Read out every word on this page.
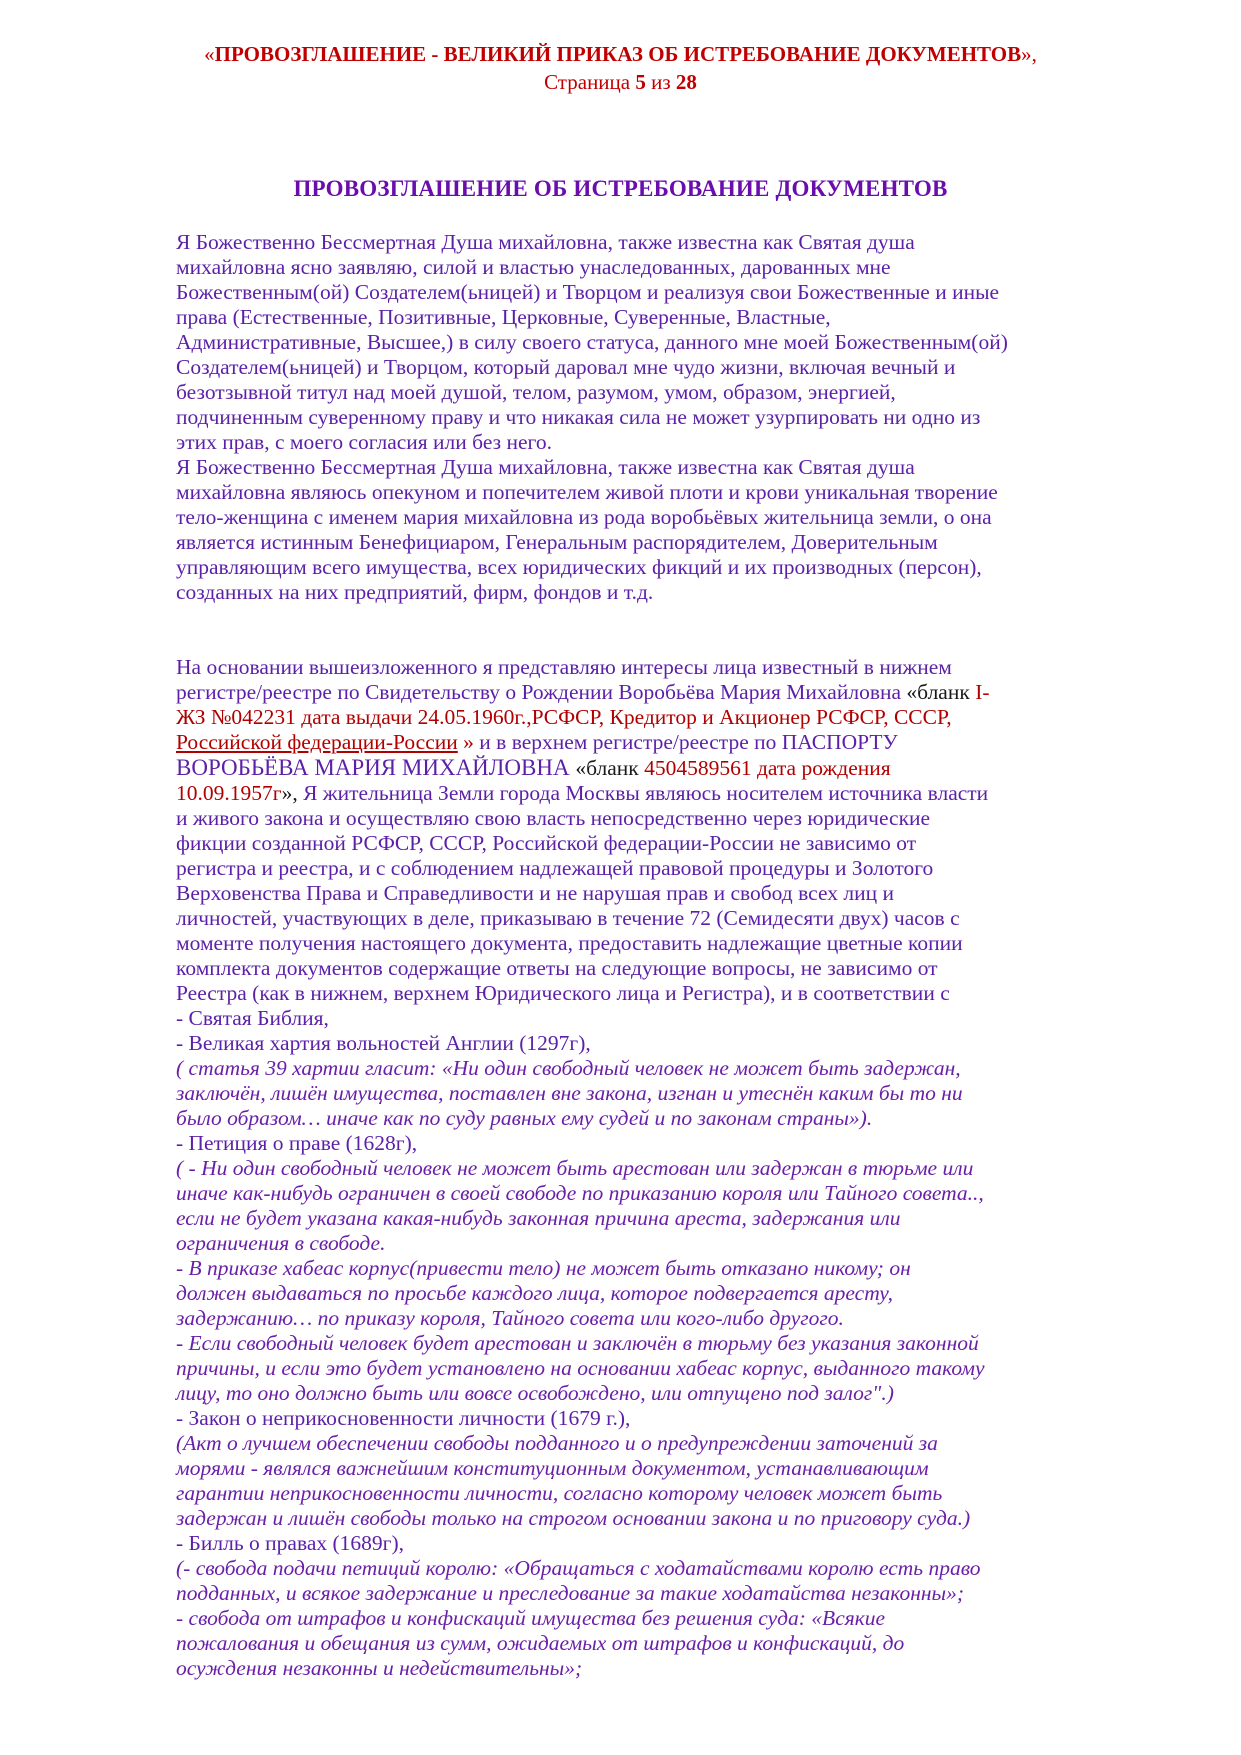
«ПРОВОЗГЛАШЕНИЕ - ВЕЛИКИЙ ПРИКАЗ ОБ ИСТРЕБОВАНИЕ ДОКУМЕНТОВ»,
Страница 5 из 28
ПРОВОЗГЛАШЕНИЕ ОБ ИСТРЕБОВАНИЕ ДОКУМЕНТОВ
Я Божественно Бессмертная Душа михайловна, также известна как Святая душа
михайловна ясно заявляю, силой и властью унаследованных, дарованных мне
Божественным(ой) Создателем(ьницей) и Творцом и реализуя свои Божественные и иные
права (Естественные, Позитивные, Церковные, Суверенные, Властные,
Административные, Высшее,) в силу своего статуса, данного мне моей Божественным(ой)
Создателем(ьницей) и Творцом, который даровал мне чудо жизни, включая вечный и
безотзывной титул над моей душой, телом, разумом, умом, образом, энергией,
подчиненным суверенному праву и что никакая сила не может узурпировать ни одно из
этих прав, с моего согласия или без него.
Я Божественно Бессмертная Душа михайловна, также известна как Святая душа
михайловна являюсь опекуном и попечителем живой плоти и крови уникальная творение
тело-женщина с именем мария михайловна из рода воробьёвых жительница земли, о она
является истинным Бенефициаром, Генеральным распорядителем, Доверительным
управляющим всего имущества, всех юридических фикций и их производных (персон),
созданных на них предприятий, фирм, фондов и т.д.
На основании вышеизложенного я представляю интересы лица известный в нижнем
регистре/реестре по Свидетельству о Рождении Воробьёва Мария Михайловна «бланк I-
ЖЗ №042231 дата выдачи 24.05.1960г.,РСФСР, Кредитор и Акционер РСФСР, СССР,
Российской федерации-России » и в верхнем регистре/реестре по ПАСПОРТУ
ВОРОБЬЁВА МАРИЯ МИХАЙЛОВНА «бланк 4504589561 дата рождения
10.09.1957г», Я жительница Земли города Москвы являюсь носителем источника власти
и живого закона и осуществляю свою власть непосредственно через юридические
фикции созданной РСФСР, СССР, Российской федерации-России не зависимо от
регистра и реестра, и с соблюдением надлежащей правовой процедуры и Золотого
Верховенства Права и Справедливости и не нарушая прав и свобод всех лиц и
личностей, участвующих в деле, приказываю в течение 72 (Семидесяти двух) часов с
моменте получения настоящего документа, предоставить надлежащие цветные копии
комплекта документов содержащие ответы на следующие вопросы, не зависимо от
Реестра (как в нижнем, верхнем Юридического лица и Регистра), и в соответствии с
- Святая Библия,
- Великая хартия вольностей Англии (1297г),
( статья 39 хартии гласит: «Ни один свободный человек не может быть задержан,
заключён, лишён имущества, поставлен вне закона, изгнан и утеснён каким бы то ни
было образом… иначе как по суду равных ему судей и по законам страны»).
- Петиция о праве (1628г),
( - Ни один свободный человек не может быть арестован или задержан в тюрьме или
иначе как-нибудь ограничен в своей свободе по приказанию короля или Тайного совета..,
если не будет указана какая-нибудь законная причина ареста, задержания или
ограничения в свободе.
- В приказе хабеас корпус(привести тело) не может быть отказано никому; он
должен выдаваться по просьбе каждого лица, которое подвергается аресту,
задержанию… по приказу короля, Тайного совета или кого-либо другого.
- Если свободный человек будет арестован и заключён в тюрьму без указания законной
причины, и если это будет установлено на основании хабеас корпус, выданного такому
лицу, то оно должно быть или вовсе освобождено, или отпущено под залог".)
- Закон о неприкосновенности личности (1679 г.),
(Акт о лучшем обеспечении свободы подданного и о предупреждении заточений за
морями - являлся важнейшим конституционным документом, устанавливающим
гарантии неприкосновенности личности, согласно которому человек может быть
задержан и лишён свободы только на строгом основании закона и по приговору суда.)
- Билль о правах (1689г),
(- свобода подачи петиций королю: «Обращаться с ходатайствами королю есть право
подданных, и всякое задержание и преследование за такие ходатайства незаконны»;
- свобода от штрафов и конфискаций имущества без решения суда: «Всякие
пожалования и обещания из сумм, ожидаемых от штрафов и конфискаций, до
осуждения незаконны и недействительны»;
